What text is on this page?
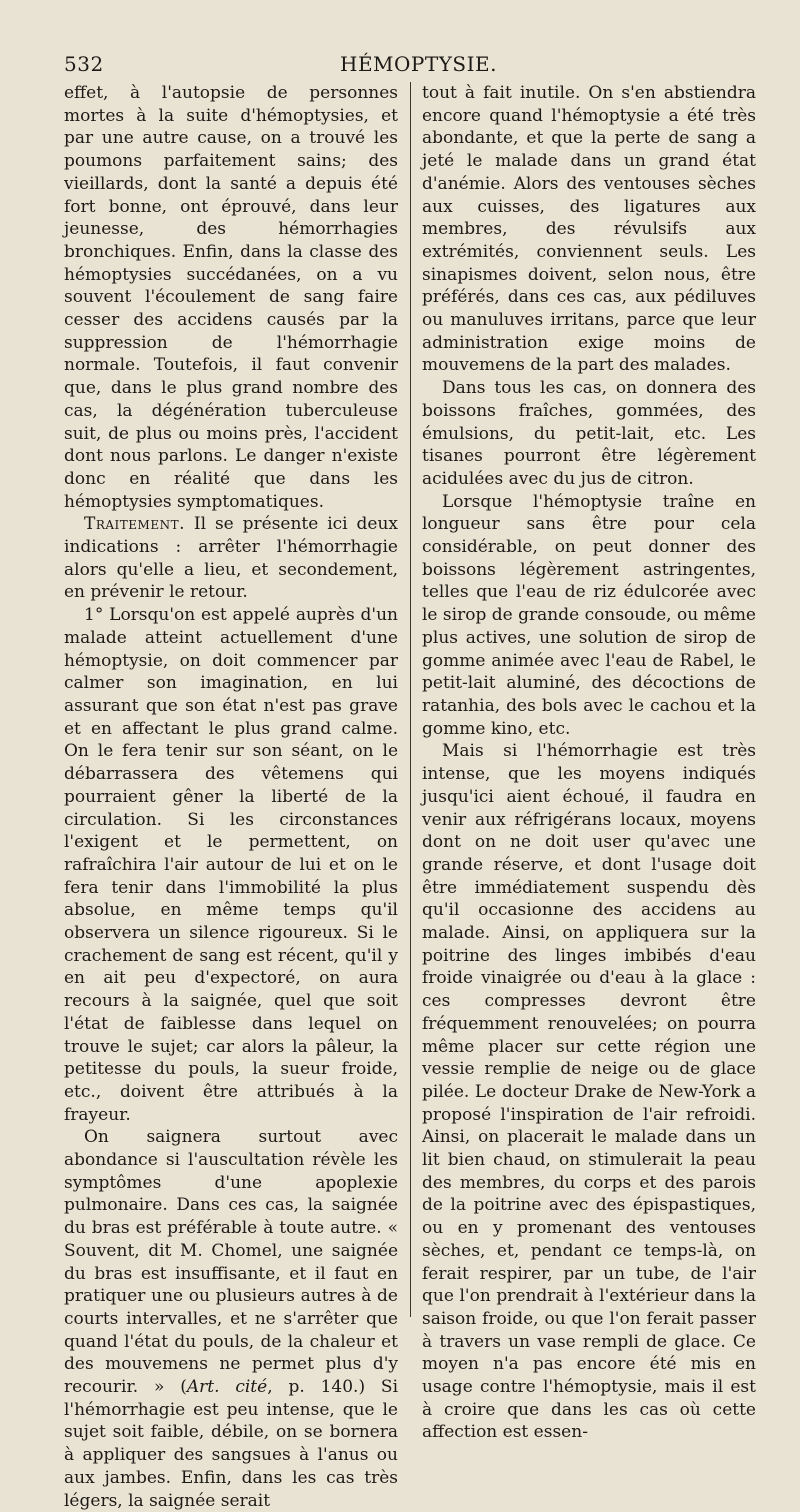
532	HÉMOPTYSIE.

effet, à l'autopsie de personnes mortes à la suite d'hémoptysies, et par une autre cause, on a trouvé les poumons parfaitement sains; des vieillards, dont la santé a depuis été fort bonne, ont éprouvé, dans leur jeunesse, des hémorrhagies bronchiques. Enfin, dans la classe des hémoptysies succédanées, on a vu souvent l'écoulement de sang faire cesser des accidens causés par la suppression de l'hémorrhagie normale. Toutefois, il faut convenir que, dans le plus grand nombre des cas, la dégénération tuberculeuse suit, de plus ou moins près, l'accident dont nous parlons. Le danger n'existe donc en réalité que dans les hémoptysies symptomatiques.

Traitement. Il se présente ici deux indications : arrêter l'hémorrhagie alors qu'elle a lieu, et secondement, en prévenir le retour.

1° Lorsqu'on est appelé auprès d'un malade atteint actuellement d'une hémoptysie, on doit commencer par calmer son imagination, en lui assurant que son état n'est pas grave et en affectant le plus grand calme. On le fera tenir sur son séant, on le débarrassera des vêtemens qui pourraient gêner la liberté de la circulation. Si les circonstances l'exigent et le permettent, on rafraîchira l'air autour de lui et on le fera tenir dans l'immobilité la plus absolue, en même temps qu'il observera un silence rigoureux. Si le crachement de sang est récent, qu'il y en ait peu d'expectoré, on aura recours à la saignée, quel que soit l'état de faiblesse dans lequel on trouve le sujet; car alors la pâleur, la petitesse du pouls, la sueur froide, etc., doivent être attribués à la frayeur.

On saignera surtout avec abondance si l'auscultation révèle les symptômes d'une apoplexie pulmonaire. Dans ces cas, la saignée du bras est préférable à toute autre. « Souvent, dit M. Chomel, une saignée du bras est insuffisante, et il faut en pratiquer une ou plusieurs autres à de courts intervalles, et ne s'arrêter que quand l'état du pouls, de la chaleur et des mouvemens ne permet plus d'y recourir. » (Art. cité, p. 140.) Si l'hémorrhagie est peu intense, que le sujet soit faible, débile, on se bornera à appliquer des sangsues à l'anus ou aux jambes. Enfin, dans les cas très légers, la saignée serait

tout à fait inutile. On s'en abstiendra encore quand l'hémoptysie a été très abondante, et que la perte de sang a jeté le malade dans un grand état d'anémie. Alors des ventouses sèches aux cuisses, des ligatures aux membres, des révulsifs aux extrémités, conviennent seuls. Les sinapismes doivent, selon nous, être préférés, dans ces cas, aux pédiluves ou manuluves irritans, parce que leur administration exige moins de mouvemens de la part des malades.

Dans tous les cas, on donnera des boissons fraîches, gommées, des émulsions, du petit-lait, etc. Les tisanes pourront être légèrement acidulées avec du jus de citron.

Lorsque l'hémoptysie traîne en longueur sans être pour cela considérable, on peut donner des boissons légèrement astringentes, telles que l'eau de riz édulcorée avec le sirop de grande consoude, ou même plus actives, une solution de sirop de gomme animée avec l'eau de Rabel, le petit-lait aluminé, des décoctions de ratanhia, des bols avec le cachou et la gomme kino, etc.

Mais si l'hémorrhagie est très intense, que les moyens indiqués jusqu'ici aient échoué, il faudra en venir aux réfrigérans locaux, moyens dont on ne doit user qu'avec une grande réserve, et dont l'usage doit être immédiatement suspendu dès qu'il occasionne des accidens au malade. Ainsi, on appliquera sur la poitrine des linges imbibés d'eau froide vinaigrée ou d'eau à la glace : ces compresses devront être fréquemment renouvelées; on pourra même placer sur cette région une vessie remplie de neige ou de glace pilée. Le docteur Drake de New-York a proposé l'inspiration de l'air refroidi. Ainsi, on placerait le malade dans un lit bien chaud, on stimulerait la peau des membres, du corps et des parois de la poitrine avec des épispastiques, ou en y promenant des ventouses sèches, et, pendant ce temps-là, on ferait respirer, par un tube, de l'air que l'on prendrait à l'extérieur dans la saison froide, ou que l'on ferait passer à travers un vase rempli de glace. Ce moyen n'a pas encore été mis en usage contre l'hémoptysie, mais il est à croire que dans les cas où cette affection est essen-
